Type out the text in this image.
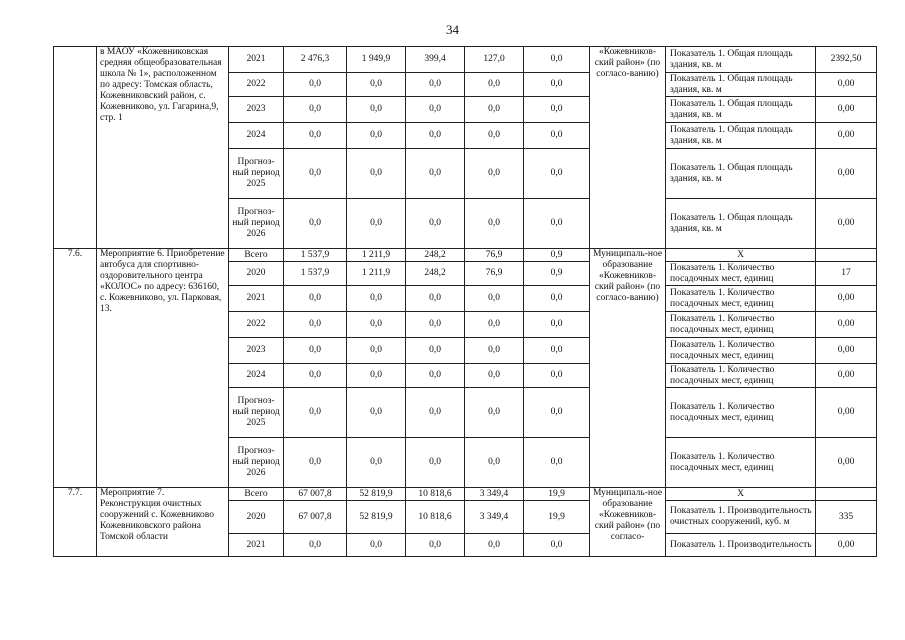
34
	в МАОУ «Кожевниковская средняя общеобразовательная школа № 1», расположенном по адресу: Томская область, Кожевниковский район, с. Кожевниково, ул. Гагарина,9, стр. 1	2021	2 476,3	1 949,9	399,4	127,0	0,0	«Кожевников-ский район» (по согласо-ванию)	Показатель 1. Общая площадь здания, кв. м	2392,50
		2022	0,0	0,0	0,0	0,0	0,0		Показатель 1. Общая площадь здания, кв. м	0,00
		2023	0,0	0,0	0,0	0,0	0,0		Показатель 1. Общая площадь здания, кв. м	0,00
		2024	0,0	0,0	0,0	0,0	0,0		Показатель 1. Общая площадь здания, кв. м	0,00
		Прогноз-ный период 2025	0,0	0,0	0,0	0,0	0,0		Показатель 1. Общая площадь здания, кв. м	0,00
		Прогноз-ный период 2026	0,0	0,0	0,0	0,0	0,0		Показатель 1. Общая площадь здания, кв. м	0,00
7.6.	Мероприятие 6. Приобретение автобуса для спортивно-оздоровительного центра «КОЛОС» по адресу: 636160, с. Кожевниково, ул. Парковая, 13.	Всего	1 537,9	1 211,9	248,2	76,9	0,9	Муниципаль-ное образование «Кожевников-ский район» (по согласо-ванию)	X	
		2020	1 537,9	1 211,9	248,2	76,9	0,9		Показатель 1. Количество посадочных мест, единиц	17
		2021	0,0	0,0	0,0	0,0	0,0		Показатель 1. Количество посадочных мест, единиц	0,00
		2022	0,0	0,0	0,0	0,0	0,0		Показатель 1. Количество посадочных мест, единиц	0,00
		2023	0,0	0,0	0,0	0,0	0,0		Показатель 1. Количество посадочных мест, единиц	0,00
		2024	0,0	0,0	0,0	0,0	0,0		Показатель 1. Количество посадочных мест, единиц	0,00
		Прогноз-ный период 2025	0,0	0,0	0,0	0,0	0,0		Показатель 1. Количество посадочных мест, единиц	0,00
		Прогноз-ный период 2026	0,0	0,0	0,0	0,0	0,0		Показатель 1. Количество посадочных мест, единиц	0,00
7.7.	Мероприятие 7. Реконструкция очистных сооружений с. Кожевниково Кожевниковского района Томской области	Всего	67 007,8	52 819,9	10 818,6	3 349,4	19,9	Муниципаль-ное образование «Кожевников-ский район» (по согласо-	X	
		2020	67 007,8	52 819,9	10 818,6	3 349,4	19,9		Показатель 1. Производительность очистных сооружений, куб. м	335
		2021	0,0	0,0	0,0	0,0	0,0		Показатель 1. Производительность	0,00
